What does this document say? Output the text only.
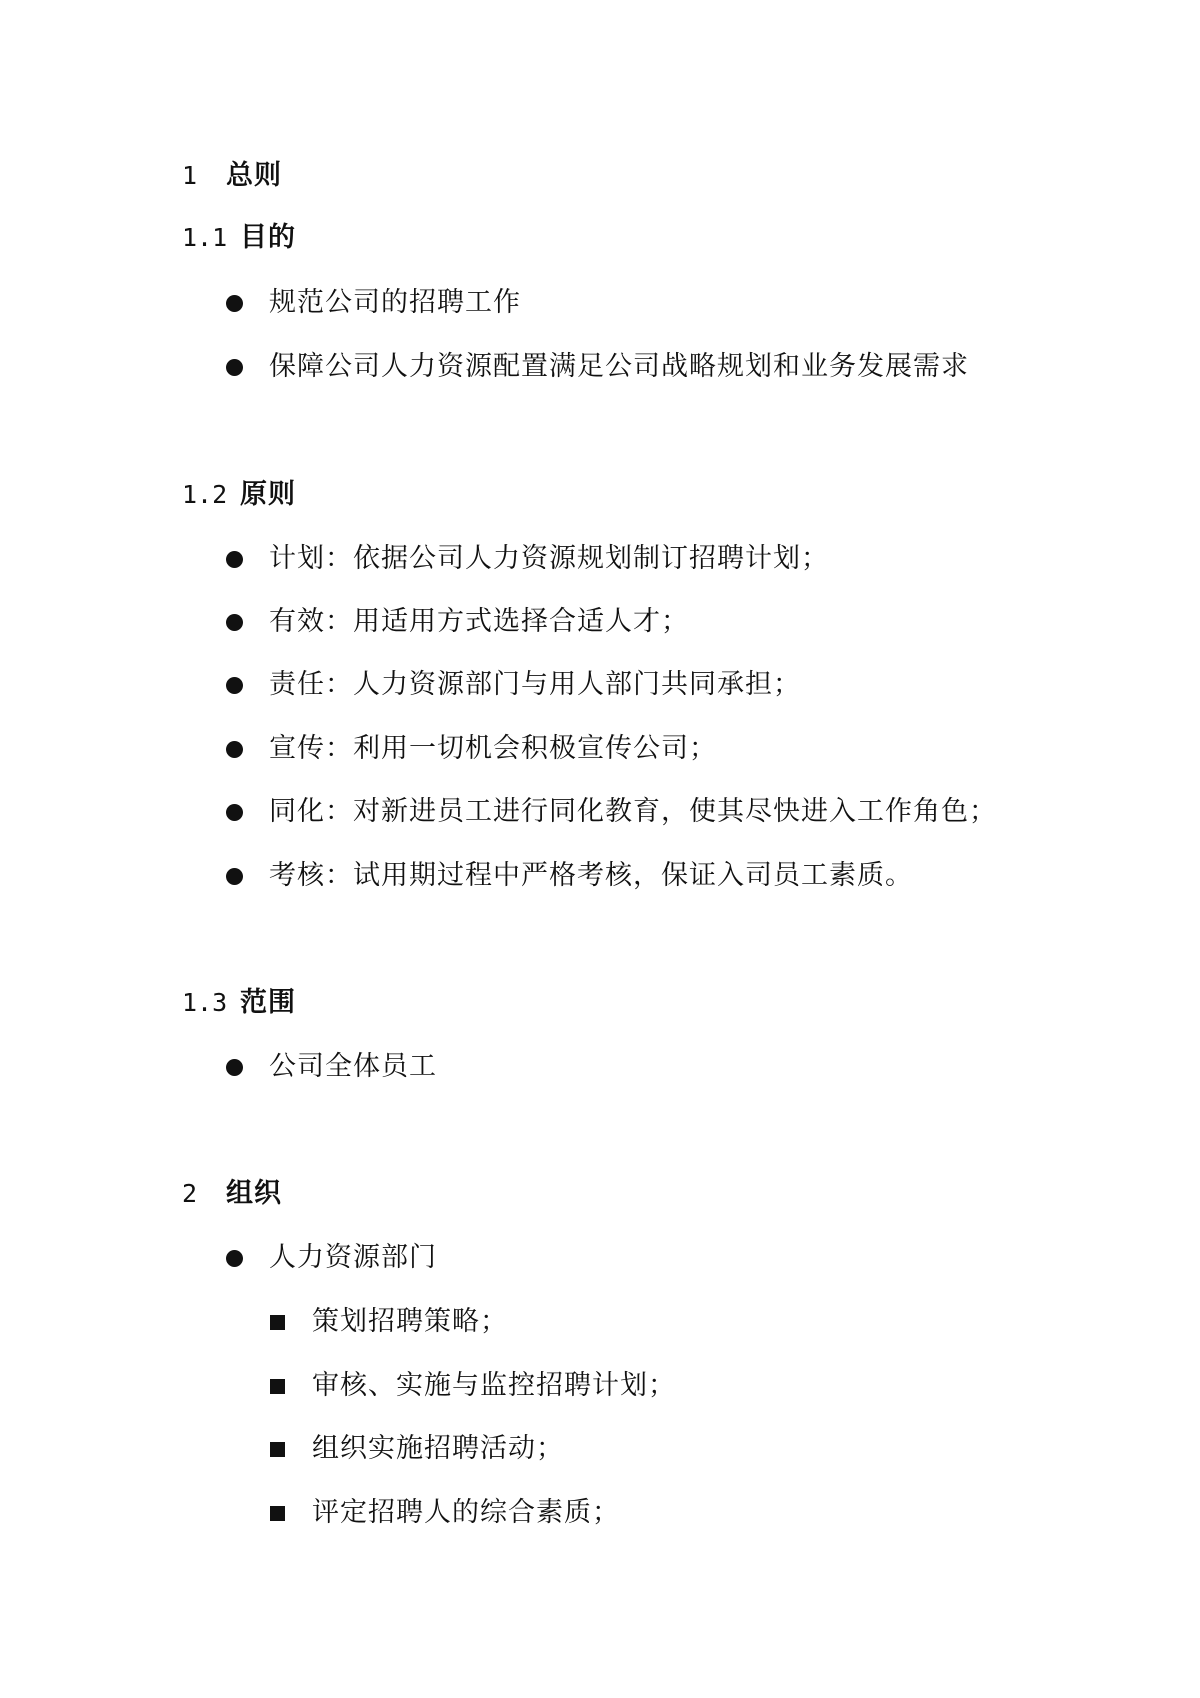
1	总则
1.1 目的
规范公司的招聘工作
保障公司人力资源配置满足公司战略规划和业务发展需求
1.2 原则
计划：依据公司人力资源规划制订招聘计划；
有效：用适用方式选择合适人才；
责任：人力资源部门与用人部门共同承担；
宣传：利用一切机会积极宣传公司；
同化：对新进员工进行同化教育，使其尽快进入工作角色；
考核：试用期过程中严格考核，保证入司员工素质。
1.3 范围
公司全体员工
2	组织
人力资源部门
策划招聘策略；
审核、实施与监控招聘计划；
组织实施招聘活动；
评定招聘人的综合素质；
